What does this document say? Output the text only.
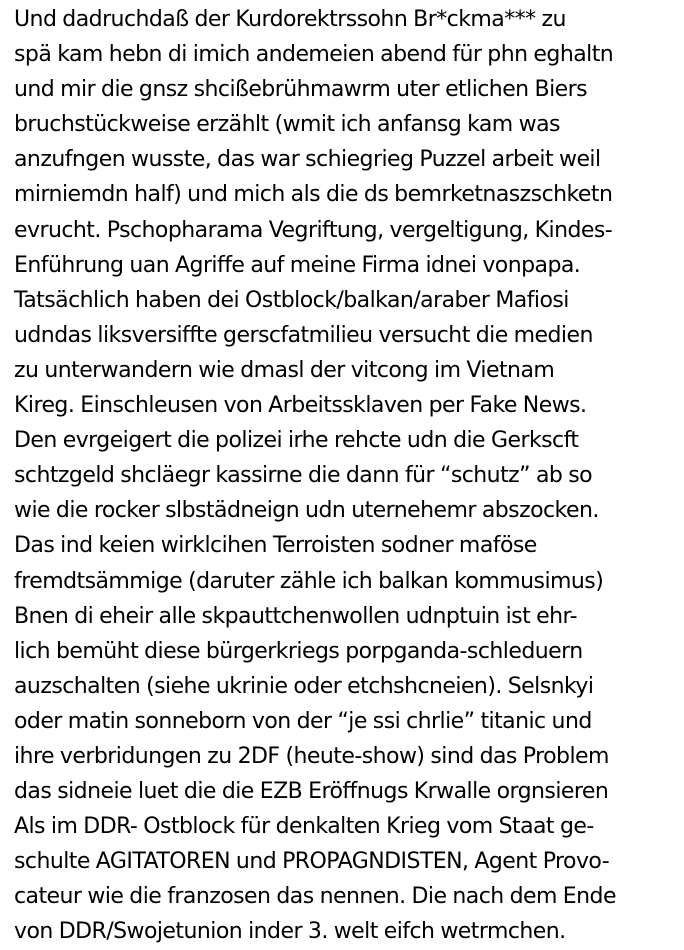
Und dadruchdaß der Kurdorektrssohn Br*ckma*** zu
spä kam hebn di imich andemeien abend für phn eghaltn
und mir die gnsz shcißebrühmawrm uter etlichen Biers
bruchstückweise erzählt (wmit ich anfansg kam was
anzufngen wusste, das war schiegrieg Puzzel arbeit weil
mirniemdn half) und mich als die ds bemrketnaszschketn
evrucht. Pschopharama Vegriftung, vergeltigung, Kindes-
Enführung uan Agriffe auf meine Firma idnei vonpapa.
Tatsächlich haben dei Ostblock/balkan/araber Mafiosi
udndas liksversiffte gerscfatmilieu versucht die medien
zu unterwandern wie dmasl der vitcong im Vietnam
Kireg. Einschleusen von Arbeitssklaven per Fake News.
Den evrgeigert die polizei irhe rehcte udn die Gerkscft
schtzgeld shcläegr kassirne die dann für “schutz” ab so
wie die rocker slbstädneign udn uternehemr abszocken.
Das ind keien wirklcihen Terroisten sodner maföse
fremdtsämmige (daruter zähle ich balkan kommusimus)
Bnen di eheir alle skpauttchenwollen udnptuin ist ehr-
lich bemüht diese bürgerkriegs porpganda-schleduern
auzschalten (siehe ukrinie oder etchshcneien). Selsnkyi
oder matin sonneborn von der “je ssi chrlie” titanic und
ihre verbridungen zu 2DF (heute-show) sind das Problem
das sidneie luet die die EZB Eröffnugs Krwalle orgnsieren
Als im DDR- Ostblock für denkalten Krieg vom Staat ge-
schulte AGITATOREN und PROPAGNDISTEN, Agent Provo-
cateur wie die franzosen das nennen. Die nach dem Ende
von DDR/Swojetunion inder 3. welt eifch wetrmchen.
